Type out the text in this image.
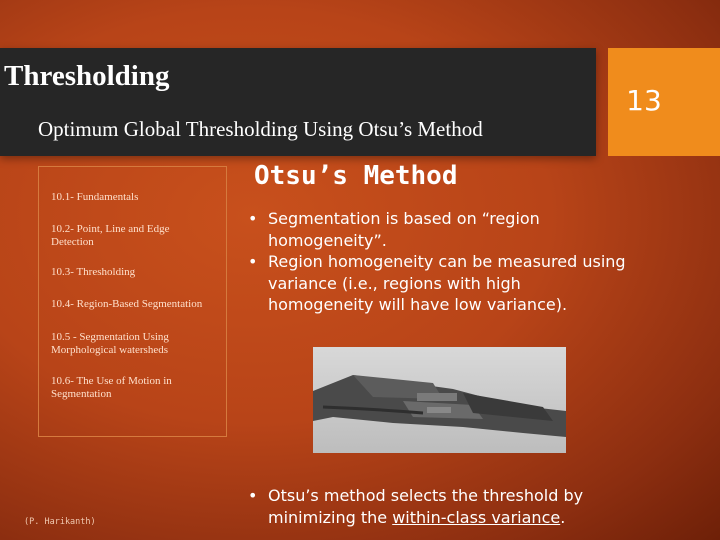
Thresholding
Optimum Global Thresholding Using Otsu’s Method
13
10.1- Fundamentals
10.2- Point, Line and Edge Detection
10.3- Thresholding
10.4- Region-Based Segmentation
10.5 - Segmentation Using Morphological watersheds
10.6- The Use of Motion in Segmentation
(P. Harikanth)
Otsu’s Method
• Segmentation is based on “region homogeneity”.
• Region homogeneity can be measured using variance (i.e., regions with high homogeneity will have low variance).
• Otsu’s method selects the threshold by minimizing the within-class variance.
